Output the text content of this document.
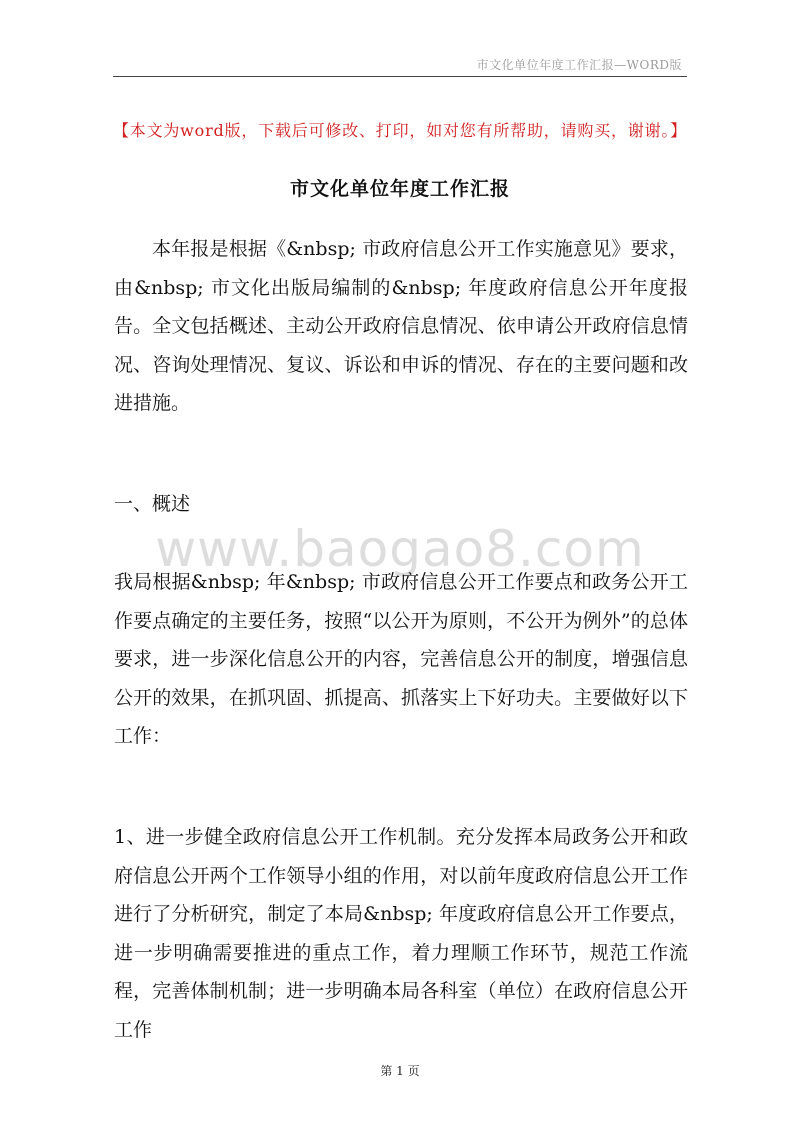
市文化单位年度工作汇报—WORD版
【本文为word版，下载后可修改、打印，如对您有所帮助，请购买，谢谢。】
市文化单位年度工作汇报

本年报是根据《&nbsp; 市政府信息公开工作实施意见》要求，由&nbsp; 市文化出版局编制的&nbsp; 年度政府信息公开年度报告。全文包括概述、主动公开政府信息情况、依申请公开政府信息情况、咨询处理情况、复议、诉讼和申诉的情况、存在的主要问题和改进措施。

一、概述

www.baogao8.com

我局根据&nbsp; 年&nbsp; 市政府信息公开工作要点和政务公开工作要点确定的主要任务，按照“以公开为原则，不公开为例外”的总体要求，进一步深化信息公开的内容，完善信息公开的制度，增强信息公开的效果，在抓巩固、抓提高、抓落实上下好功夫。主要做好以下工作：

1、进一步健全政府信息公开工作机制。充分发挥本局政务公开和政府信息公开两个工作领导小组的作用，对以前年度政府信息公开工作进行了分析研究，制定了本局&nbsp; 年度政府信息公开工作要点，进一步明确需要推进的重点工作，着力理顺工作环节，规范工作流程，完善体制机制；进一步明确本局各科室（单位）在政府信息公开工作

第 1 页
